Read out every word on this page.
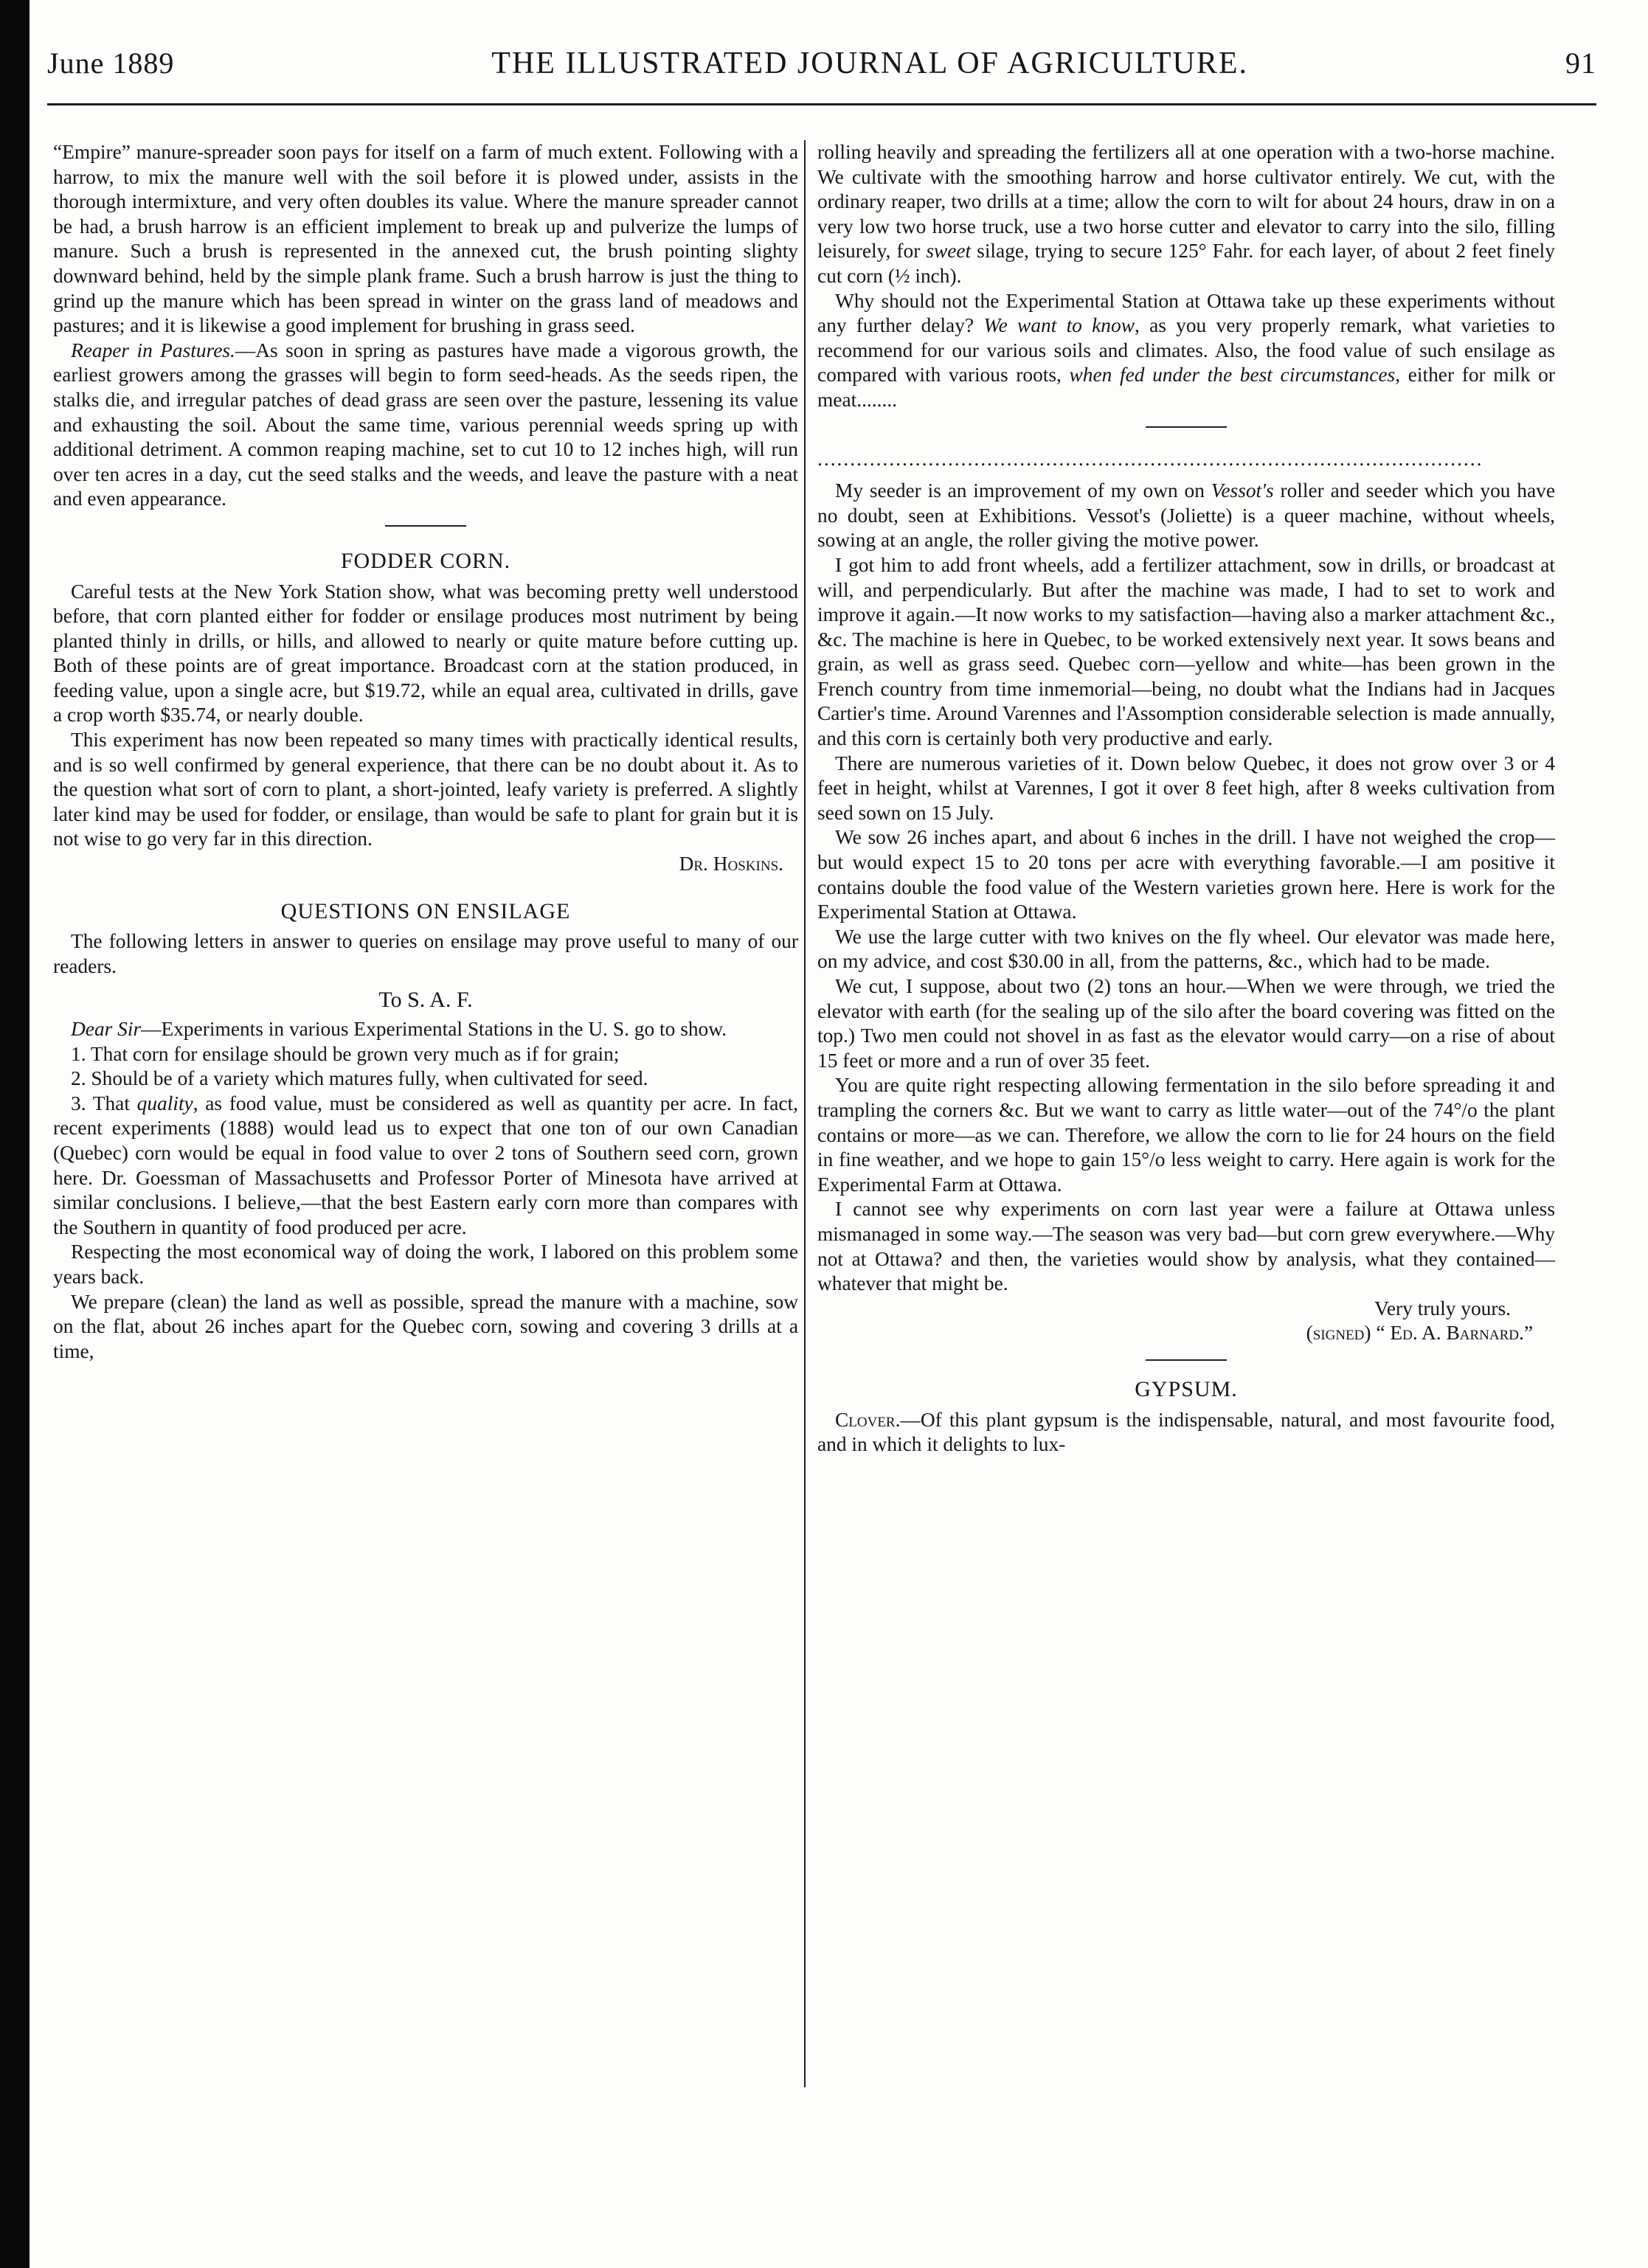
June 1889	THE ILLUSTRATED JOURNAL OF AGRICULTURE.	91

“Empire” manure-spreader soon pays for itself on a farm of much extent. Following with a harrow, to mix the manure well with the soil before it is plowed under, assists in the thorough intermixture, and very often doubles its value. Where the manure spreader cannot be had, a brush harrow is an efficient implement to break up and pulverize the lumps of manure. Such a brush is represented in the annexed cut, the brush pointing slighty downward behind, held by the simple plank frame. Such a brush harrow is just the thing to grind up the manure which has been spread in winter on the grass land of meadows and pastures; and it is likewise a good implement for brushing in grass seed.

Reaper in Pastures.—As soon in spring as pastures have made a vigorous growth, the earliest growers among the grasses will begin to form seed-heads. As the seeds ripen, the stalks die, and irregular patches of dead grass are seen over the pasture, lessening its value and exhausting the soil. About the same time, various perennial weeds spring up with additional detriment. A common reaping machine, set to cut 10 to 12 inches high, will run over ten acres in a day, cut the seed stalks and the weeds, and leave the pasture with a neat and even appearance.

FODDER CORN.

Careful tests at the New York Station show, what was becoming pretty well understood before, that corn planted either for fodder or ensilage produces most nutriment by being planted thinly in drills, or hills, and allowed to nearly or quite mature before cutting up. Both of these points are of great importance. Broadcast corn at the station produced, in feeding value, upon a single acre, but $19.72, while an equal area, cultivated in drills, gave a crop worth $35.74, or nearly double.

This experiment has now been repeated so many times with practically identical results, and is so well confirmed by general experience, that there can be no doubt about it. As to the question what sort of corn to plant, a short-jointed, leafy variety is preferred. A slightly later kind may be used for fodder, or ensilage, than would be safe to plant for grain but it is not wise to go very far in this direction.

Dr. Hoskins.

QUESTIONS ON ENSILAGE

The following letters in answer to queries on ensilage may prove useful to many of our readers.

To S. A. F.

Dear Sir—Experiments in various Experimental Stations in the U. S. go to show.

1. That corn for ensilage should be grown very much as if for grain;

2. Should be of a variety which matures fully, when cultivated for seed.

3. That quality, as food value, must be considered as well as quantity per acre. In fact, recent experiments (1888) would lead us to expect that one ton of our own Canadian (Quebec) corn would be equal in food value to over 2 tons of Southern seed corn, grown here. Dr. Goessman of Massachusetts and Professor Porter of Minesota have arrived at similar conclusions. I believe,—that the best Eastern early corn more than compares with the Southern in quantity of food produced per acre.

Respecting the most economical way of doing the work, I labored on this problem some years back.

We prepare (clean) the land as well as possible, spread the manure with a machine, sow on the flat, about 26 inches apart for the Quebec corn, sowing and covering 3 drills at a time,

rolling heavily and spreading the fertilizers all at one operation with a two-horse machine. We cultivate with the smoothing harrow and horse cultivator entirely. We cut, with the ordinary reaper, two drills at a time; allow the corn to wilt for about 24 hours, draw in on a very low two horse truck, use a two horse cutter and elevator to carry into the silo, filling leisurely, for sweet silage, trying to secure 125° Fahr. for each layer, of about 2 feet finely cut corn (½ inch).

Why should not the Experimental Station at Ottawa take up these experiments without any further delay? We want to know, as you very properly remark, what varieties to recommend for our various soils and climates. Also, the food value of such ensilage as compared with various roots, when fed under the best circumstances, either for milk or meat........

......................................................................................................

My seeder is an improvement of my own on Vessot's roller and seeder which you have no doubt, seen at Exhibitions. Vessot's (Joliette) is a queer machine, without wheels, sowing at an angle, the roller giving the motive power.

I got him to add front wheels, add a fertilizer attachment, sow in drills, or broadcast at will, and perpendicularly. But after the machine was made, I had to set to work and improve it again.—It now works to my satisfaction—having also a marker attachment &c., &c. The machine is here in Quebec, to be worked extensively next year. It sows beans and grain, as well as grass seed. Quebec corn—yellow and white—has been grown in the French country from time inmemorial—being, no doubt what the Indians had in Jacques Cartier's time. Around Varennes and l'Assomption considerable selection is made annually, and this corn is certainly both very productive and early.

There are numerous varieties of it. Down below Quebec, it does not grow over 3 or 4 feet in height, whilst at Varennes, I got it over 8 feet high, after 8 weeks cultivation from seed sown on 15 July.

We sow 26 inches apart, and about 6 inches in the drill. I have not weighed the crop—but would expect 15 to 20 tons per acre with everything favorable.—I am positive it contains double the food value of the Western varieties grown here. Here is work for the Experimental Station at Ottawa.

We use the large cutter with two knives on the fly wheel. Our elevator was made here, on my advice, and cost $30.00 in all, from the patterns, &c., which had to be made.

We cut, I suppose, about two (2) tons an hour.—When we were through, we tried the elevator with earth (for the sealing up of the silo after the board covering was fitted on the top.) Two men could not shovel in as fast as the elevator would carry—on a rise of about 15 feet or more and a run of over 35 feet.

You are quite right respecting allowing fermentation in the silo before spreading it and trampling the corners &c. But we want to carry as little water—out of the 74°/o the plant contains or more—as we can. Therefore, we allow the corn to lie for 24 hours on the field in fine weather, and we hope to gain 15°/o less weight to carry. Here again is work for the Experimental Farm at Ottawa.

I cannot see why experiments on corn last year were a failure at Ottawa unless mismanaged in some way.—The season was very bad—but corn grew everywhere.—Why not at Ottawa? and then, the varieties would show by analysis, what they contained—whatever that might be.

Very truly yours.

(signed) “ Ed. A. Barnard.”

GYPSUM.

Clover.—Of this plant gypsum is the indispensable, natural, and most favourite food, and in which it delights to lux-
